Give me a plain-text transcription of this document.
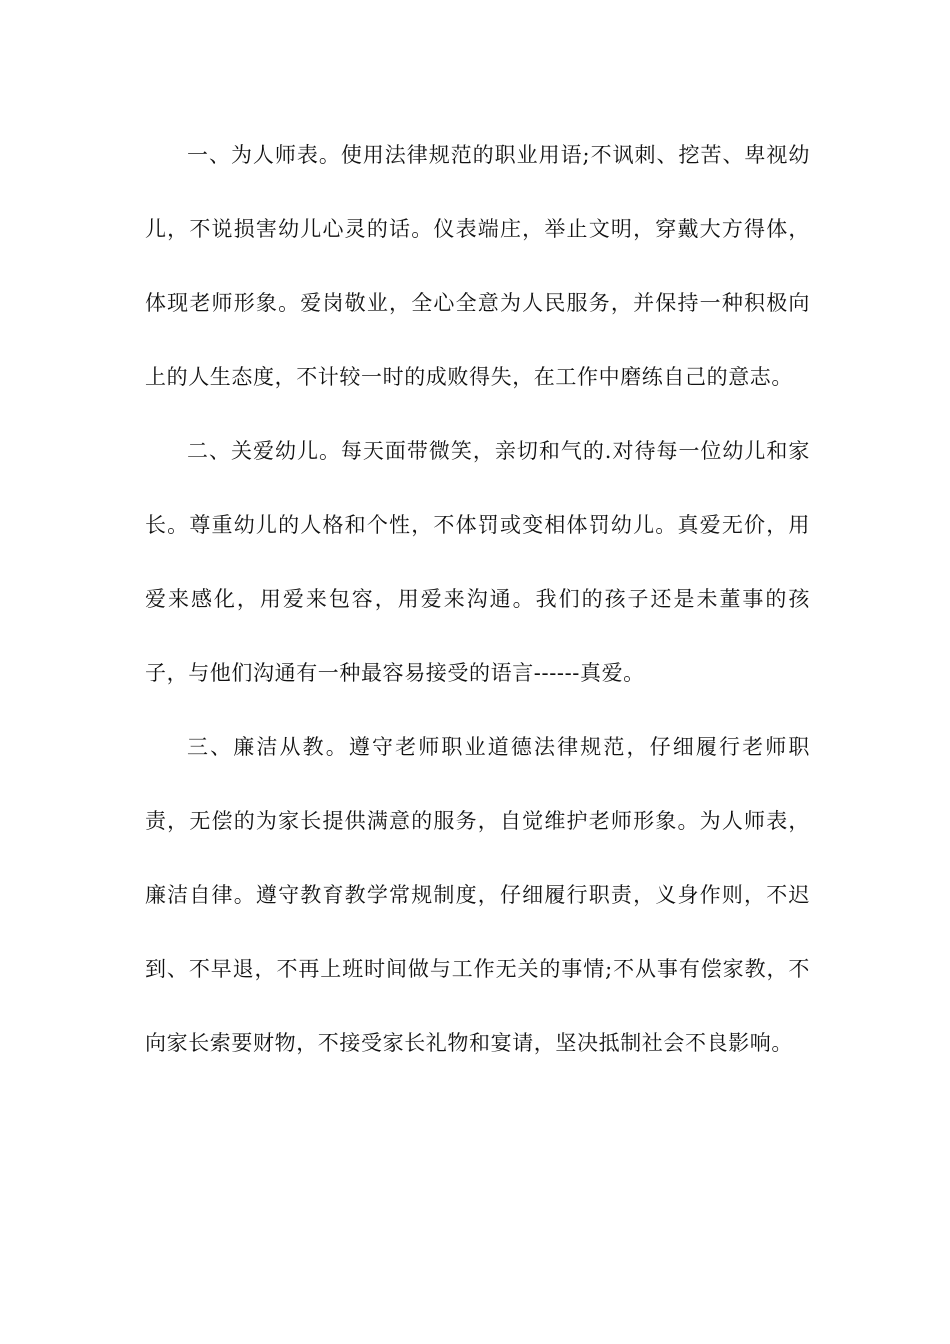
一、为人师表。使用法律规范的职业用语;不讽刺、挖苦、卑视幼儿，不说损害幼儿心灵的话。仪表端庄，举止文明，穿戴大方得体，体现老师形象。爱岗敬业，全心全意为人民服务，并保持一种积极向上的人生态度，不计较一时的成败得失，在工作中磨练自己的意志。

二、关爱幼儿。每天面带微笑，亲切和气的.对待每一位幼儿和家长。尊重幼儿的人格和个性，不体罚或变相体罚幼儿。真爱无价，用爱来感化，用爱来包容，用爱来沟通。我们的孩子还是未董事的孩子，与他们沟通有一种最容易接受的语言------真爱。

三、廉洁从教。遵守老师职业道德法律规范，仔细履行老师职责，无偿的为家长提供满意的服务，自觉维护老师形象。为人师表，廉洁自律。遵守教育教学常规制度，仔细履行职责，义身作则，不迟到、不早退，不再上班时间做与工作无关的事情;不从事有偿家教，不向家长索要财物，不接受家长礼物和宴请，坚决抵制社会不良影响。
